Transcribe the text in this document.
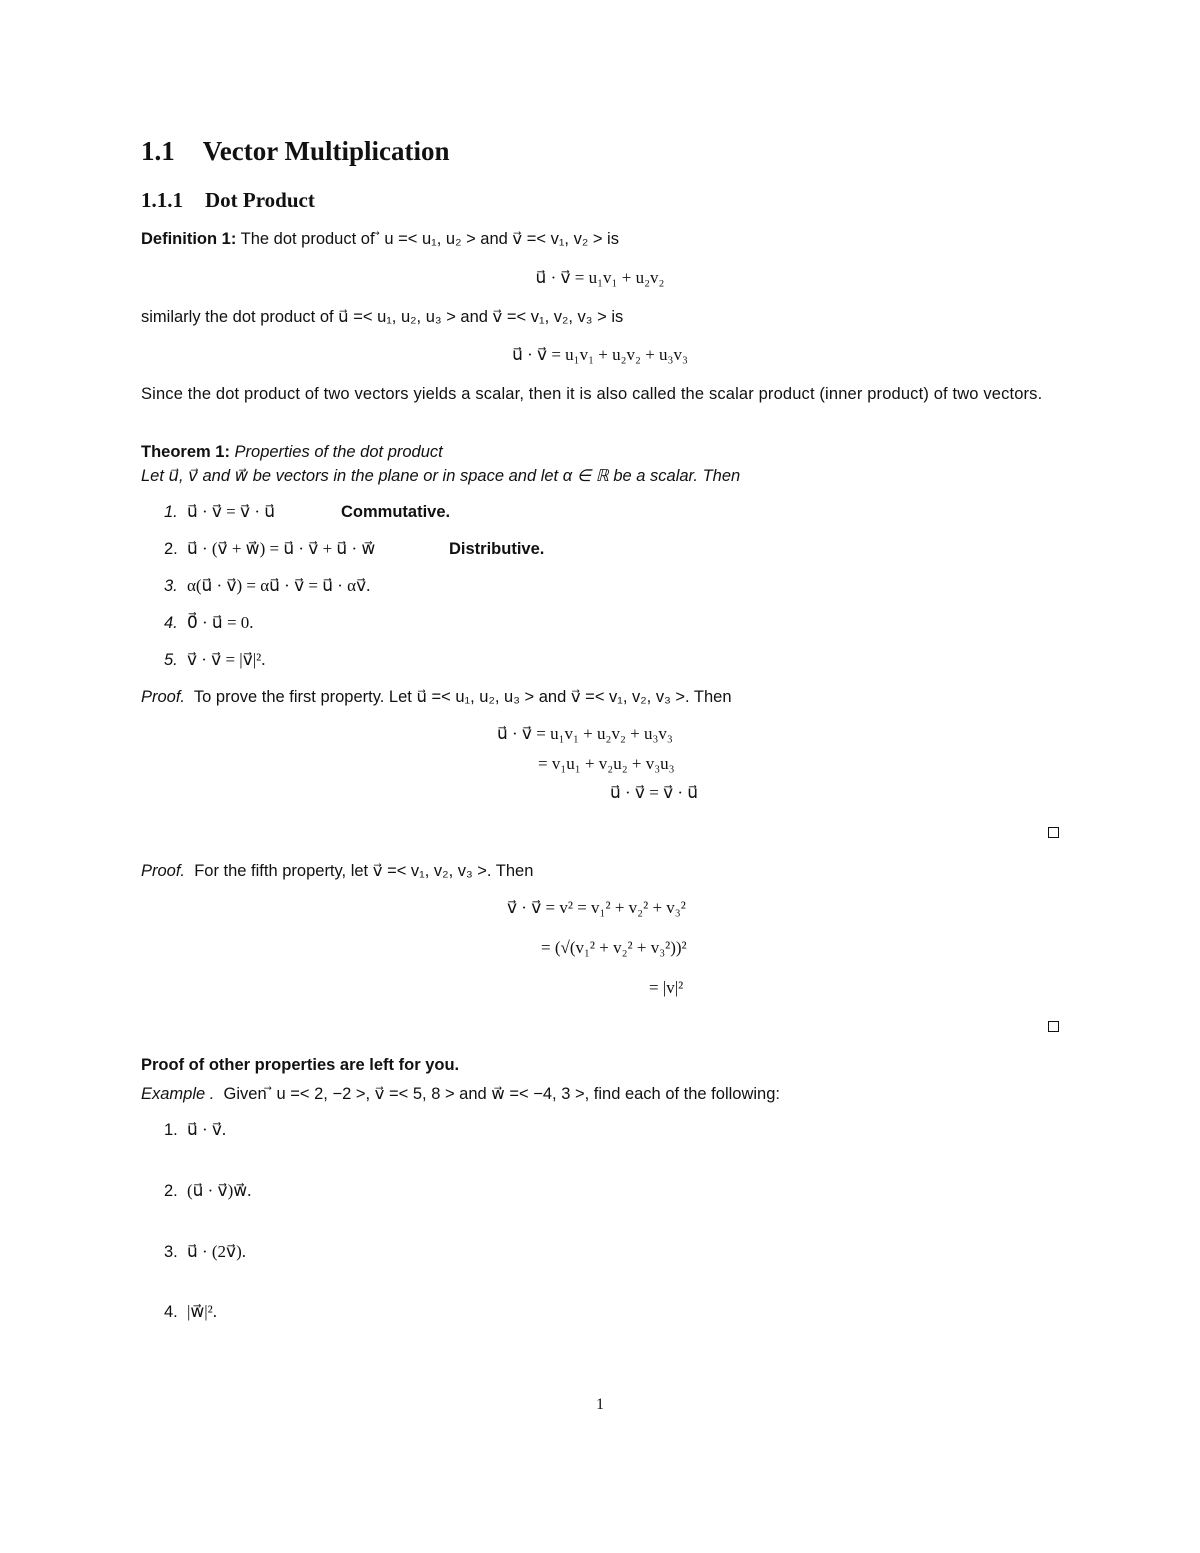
1.1 Vector Multiplication
1.1.1 Dot Product
Definition 1: The dot product of ⃗ u =< u₁, u₂ > and v⃗ =< v₁, v₂ > is
u⃗ · v⃗ = u₁v₁ + u₂v₂
similarly the dot product of u⃗ =< u₁, u₂, u₃ > and v⃗ =< v₁, v₂, v₃ > is
u⃗ · v⃗ = u₁v₁ + u₂v₂ + u₃v₃
Since the dot product of two vectors yields a scalar, then it is also called the scalar product (inner product) of two vectors.
Theorem 1: Properties of the dot product
Let u⃗, v⃗ and w⃗ be vectors in the plane or in space and let α ∈ ℝ be a scalar. Then
1. u⃗ · v⃗ = v⃗ · u⃗	Commutative.
2. u⃗ · (v⃗ + w⃗) = u⃗ · v⃗ + u⃗ · w⃗	Distributive.
3. α(u⃗ · v⃗) = αu⃗ · v⃗ = u⃗ · αv⃗.
4. 0⃗ · u⃗ = 0.
5. v⃗ · v⃗ = |v⃗|².
Proof. To prove the first property. Let u⃗ =< u₁, u₂, u₃ > and v⃗ =< v₁, v₂, v₃ >. Then
u⃗ · v⃗ = u₁v₁ + u₂v₂ + u₃v₃
= v₁u₁ + v₂u₂ + v₃u₃
u⃗ · v⃗ = v⃗ · u⃗
Proof. For the fifth property, let v⃗ =< v₁, v₂, v₃ >. Then
v⃗ · v⃗ = v² = v₁² + v₂² + v₃²
= (√(v₁² + v₂² + v₃²))²
= |v|²
Proof of other properties are left for you.
Example . Given ⃗ u =< 2, −2 >, v⃗ =< 5, 8 > and w⃗ =< −4, 3 >, find each of the following:
1. u⃗ · v⃗.
2. (u⃗ · v⃗)w⃗.
3. u⃗ · (2v⃗).
4. |w⃗|².
1
